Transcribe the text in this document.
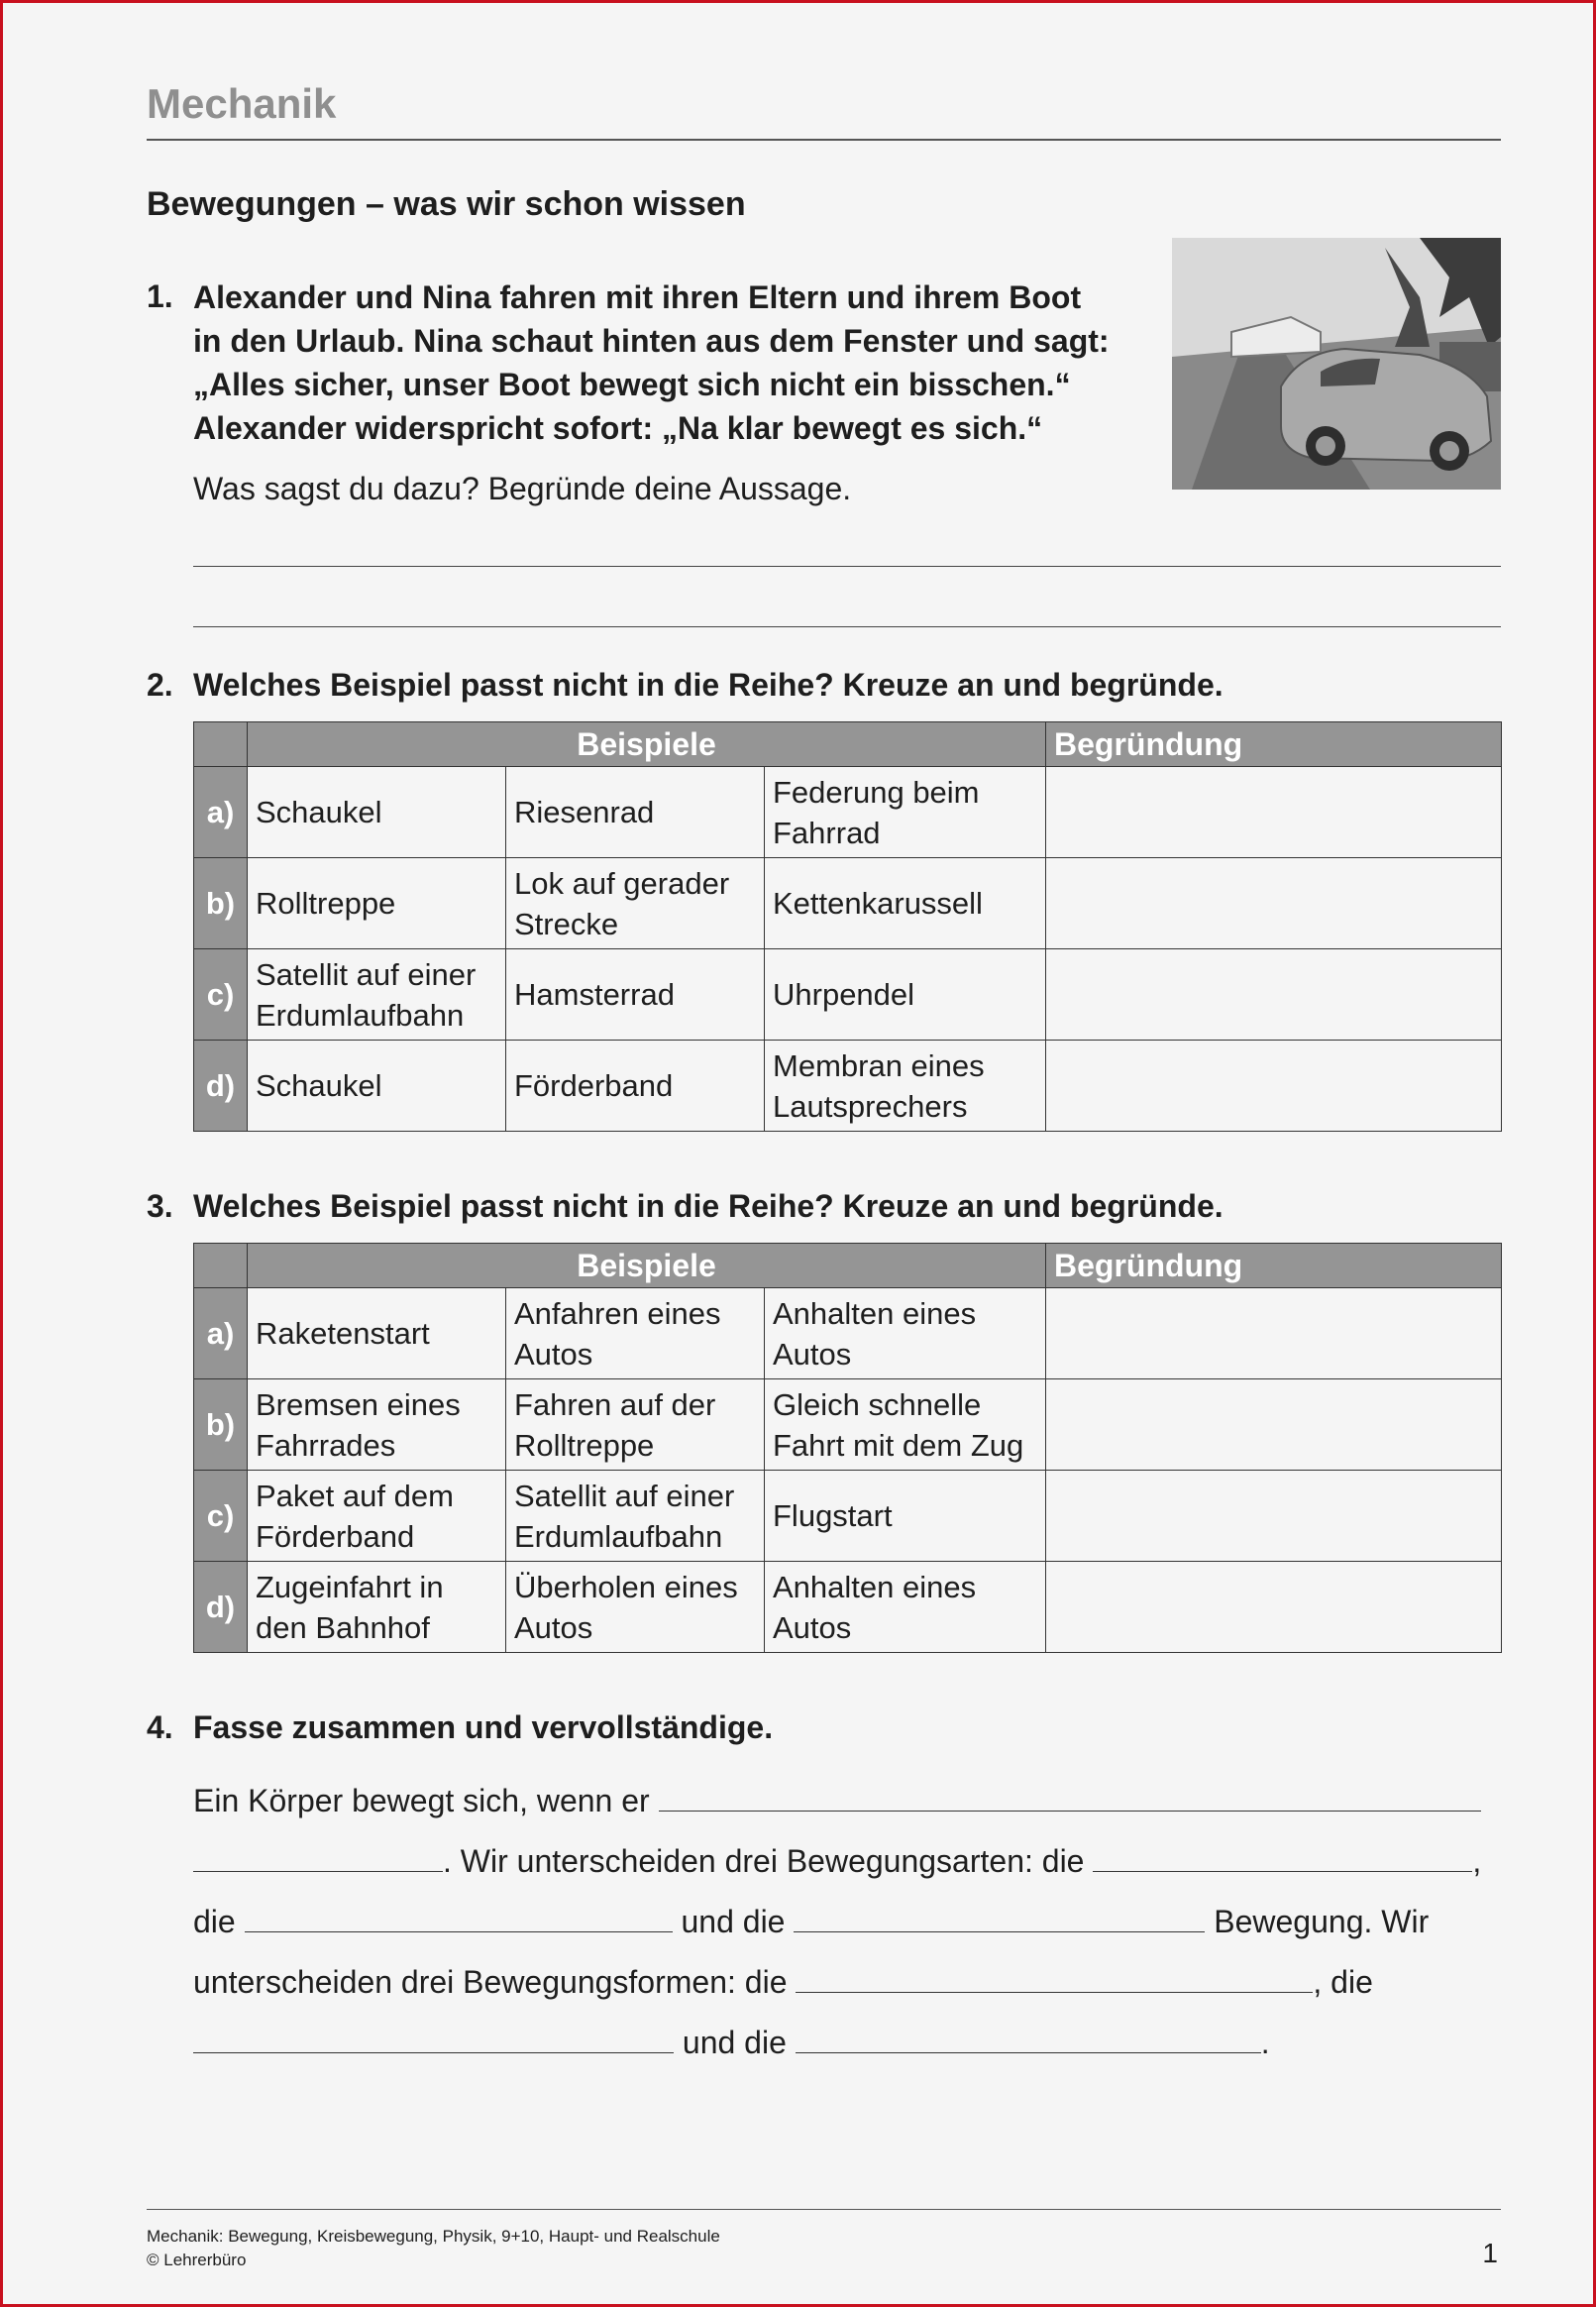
Mechanik
Bewegungen – was wir schon wissen
1. Alexander und Nina fahren mit ihren Eltern und ihrem Boot
in den Urlaub. Nina schaut hinten aus dem Fenster und sagt:
„Alles sicher, unser Boot bewegt sich nicht ein bisschen.“
Alexander widerspricht sofort: „Na klar bewegt es sich.“
Was sagst du dazu? Begründe deine Aussage.
2. Welches Beispiel passt nicht in die Reihe? Kreuze an und begründe.
	Beispiele			Begründung
a)	Schaukel	Riesenrad	Federung beim Fahrrad	
b)	Rolltreppe	Lok auf gerader Strecke	Kettenkarussell	
c)	Satellit auf einer Erdumlaufbahn	Hamsterrad	Uhrpendel	
d)	Schaukel	Förderband	Membran eines Lautsprechers	
3. Welches Beispiel passt nicht in die Reihe? Kreuze an und begründe.
	Beispiele			Begründung
a)	Raketenstart	Anfahren eines Autos	Anhalten eines Autos	
b)	Bremsen eines Fahrrades	Fahren auf der Rolltreppe	Gleich schnelle Fahrt mit dem Zug	
c)	Paket auf dem Förderband	Satellit auf einer Erdumlaufbahn	Flugstart	
d)	Zugeinfahrt in den Bahnhof	Überholen eines Autos	Anhalten eines Autos	
4. Fasse zusammen und vervollständige.
Ein Körper bewegt sich, wenn er
. Wir unterscheiden drei Bewegungsarten: die	,
die	und die	Bewegung. Wir
unterscheiden drei Bewegungsformen: die	, die
und die	.
Mechanik: Bewegung, Kreisbewegung, Physik, 9+10, Haupt- und Realschule
© Lehrerbüro	1
